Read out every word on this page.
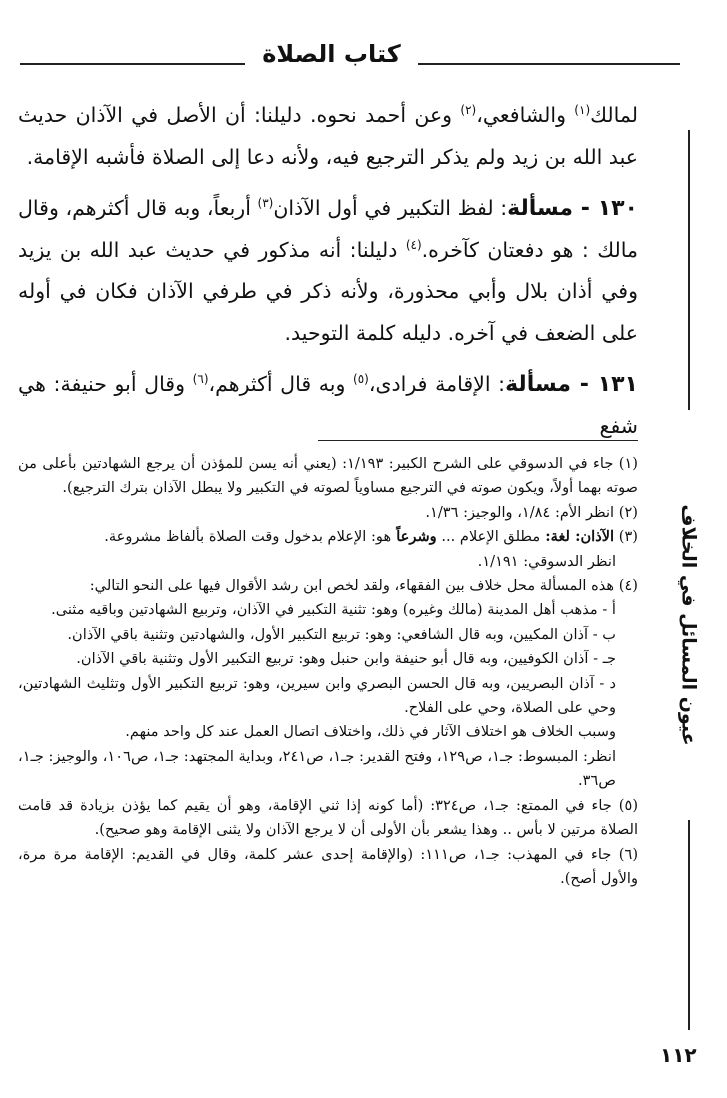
كتاب الصلاة

لمالك$^{(١)}$ والشافعي،$^{(٢)}$ وعن أحمد نحوه. دليلنا: أن الأصل في الآذان حديث عبد الله بن زيد ولم يذكر الترجيع فيه، ولأنه دعا إلى الصلاة فأشبه الإقامة.

١٣٠ - مسألة: لفظ التكبير في أول الآذان$^{(٣)}$ أربعاً، وبه قال أكثرهم، وقال مالك : هو دفعتان كآخره.$^{(٤)}$ دليلنا: أنه مذكور في حديث عبد الله بن يزيد وفي أذان بلال وأبي محذورة، ولأنه ذكر في طرفي الآذان فكان في أوله على الضعف في آخره. دليله كلمة التوحيد.

١٣١ - مسألة: الإقامة فرادى،$^{(٥)}$ وبه قال أكثرهم،$^{(٦)}$ وقال أبو حنيفة: هي شفع

(١) جاء في الدسوقي على الشرح الكبير: ١/١٩٣: (يعني أنه يسن للمؤذن أن يرجع الشهادتين بأعلى من صوته بهما أولاً، ويكون صوته في الترجيع مساوياً لصوته في التكبير ولا يبطل الآذان بترك الترجيع).

(٢) انظر الأم: ١/٨٤، والوجيز: ١/٣٦.

(٣) الآذان: لغة: مطلق الإعلام ... وشرعاً هو: الإعلام بدخول وقت الصلاة بألفاظ مشروعة.

انظر الدسوقي: ١/١٩١.

(٤) هذه المسألة محل خلاف بين الفقهاء، ولقد لخص ابن رشد الأقوال فيها على النحو التالي:

أ - مذهب أهل المدينة (مالك وغيره) وهو: تثنية التكبير في الآذان، وتربيع الشهادتين وباقيه مثنى.

ب - آذان المكيين، وبه قال الشافعي: وهو: تربيع التكبير الأول، والشهادتين وتثنية باقي الآذان.

جـ - آذان الكوفيين، وبه قال أبو حنيفة وابن حنبل وهو: تربيع التكبير الأول وتثنية باقي الآذان.

د - آذان البصريين، وبه قال الحسن البصري وابن سيرين، وهو: تربيع التكبير الأول وتثليث الشهادتين، وحي على الصلاة، وحي على الفلاح.

وسبب الخلاف هو اختلاف الآثار في ذلك، واختلاف اتصال العمل عند كل واحد منهم.

انظر: المبسوط: جـ١، ص١٢٩، وفتح القدير: جـ١، ص٢٤١، وبداية المجتهد: جـ١، ص١٠٦، والوجيز: جـ١، ص٣٦.

(٥) جاء في الممتع: جـ١، ص٣٢٤: (أما كونه إذا ثني الإقامة، وهو أن يقيم كما يؤذن بزيادة قد قامت الصلاة مرتين لا بأس .. وهذا يشعر بأن الأولى أن لا يرجع الآذان ولا يثنى الإقامة وهو صحيح).

(٦) جاء في المهذب: جـ١، ص١١١: (والإقامة إحدى عشر كلمة، وقال في القديم: الإقامة مرة مرة، والأول أصح).

عيون المسائل في الخلاف
١١٢
